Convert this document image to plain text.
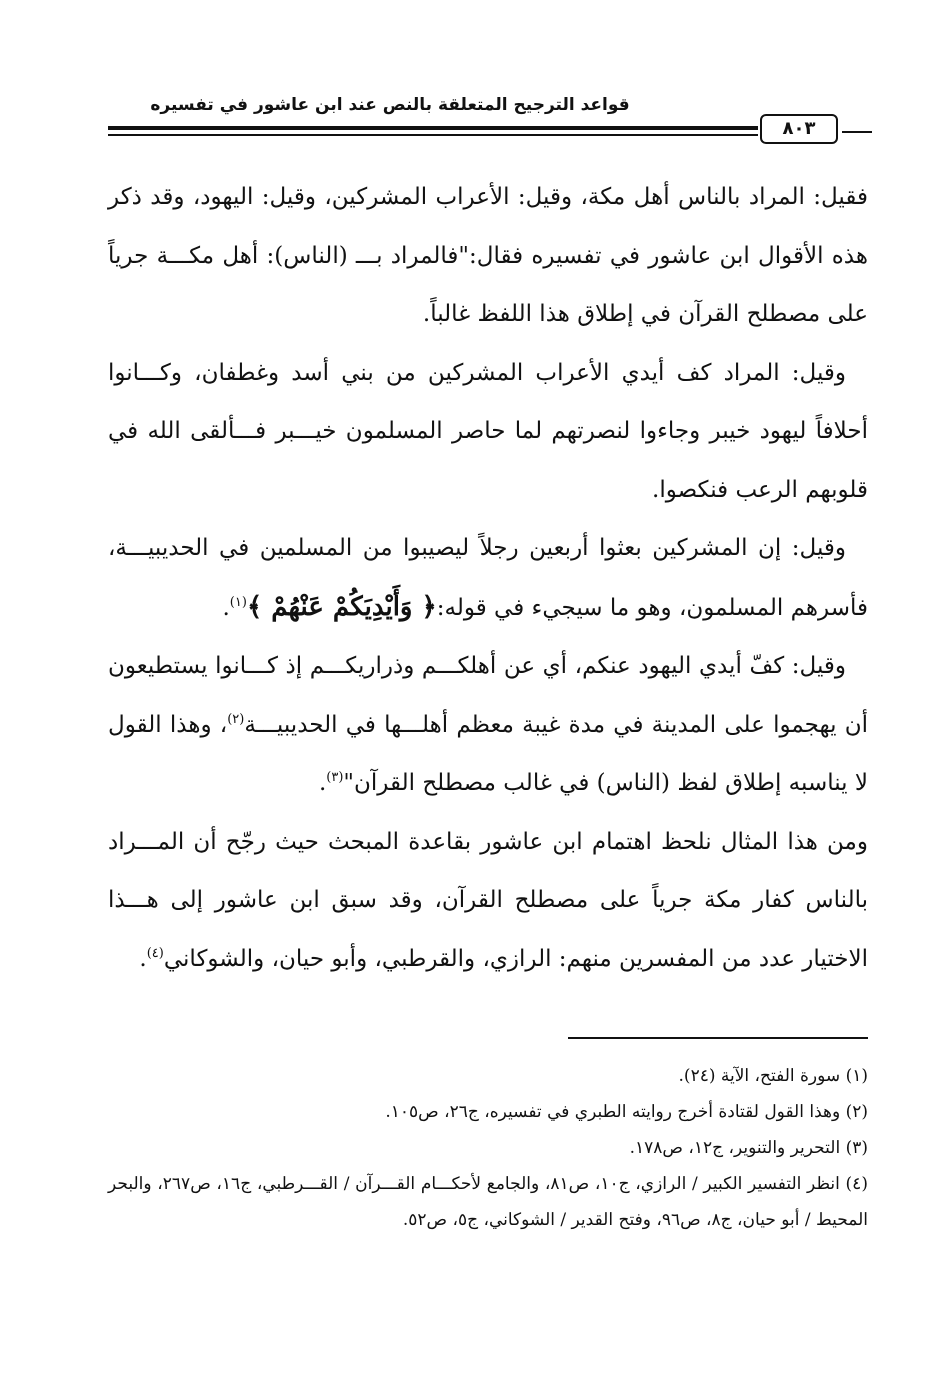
قواعد الترجيح المتعلقة بالنص عند ابن عاشور في تفسيره
٨٠٣

فقيل: المراد بالناس أهل مكة، وقيل: الأعراب المشركين، وقيل: اليهود، وقد ذكر هذه الأقوال ابن عاشور في تفسيره فقال:"فالمراد بـــ (الناس): أهل مكـــة جرياً على مصطلح القرآن في إطلاق هذا اللفظ غالباً.

وقيل: المراد كف أيدي الأعراب المشركين من بني أسد وغطفان، وكـــانوا أحلافاً ليهود خيبر وجاءوا لنصرتهم لما حاصر المسلمون خيـــبر فـــألقى الله في قلوبهم الرعب فنكصوا.

وقيل: إن المشركين بعثوا أربعين رجلاً ليصيبوا من المسلمين في الحديبيـــة، فأسرهم المسلمون، وهو ما سيجيء في قوله:﴿ وَأَيْدِيَكُمْ عَنْهُمْ ﴾$^{(١)}$.

وقيل: كفّ أيدي اليهود عنكم، أي عن أهلكـــم وذراريكـــم إذ كـــانوا يستطيعون أن يهجموا على المدينة في مدة غيبة معظم أهلـــها في الحديبيـــة$^{(٢)}$، وهذا القول لا يناسبه إطلاق لفظ (الناس) في غالب مصطلح القرآن"$^{(٣)}$.

ومن هذا المثال نلحظ اهتمام ابن عاشور بقاعدة المبحث حيث رجّح أن المـــراد بالناس كفار مكة جرياً على مصطلح القرآن، وقد سبق ابن عاشور إلى هـــذا الاختيار عدد من المفسرين منهم: الرازي، والقرطبي، وأبو حيان، والشوكاني$^{(٤)}$.

(١) سورة الفتح، الآية (٢٤).

(٢) وهذا القول لقتادة أخرج روايته الطبري في تفسيره، ج٢٦، ص١٠٥.

(٣) التحرير والتنوير، ج١٢، ص١٧٨.

(٤) انظر التفسير الكبير / الرازي، ج١٠، ص٨١، والجامع لأحكـــام القـــرآن / القـــرطبي، ج١٦، ص٢٦٧، والبحر المحيط / أبو حيان، ج٨، ص٩٦، وفتح القدير / الشوكاني، ج٥، ص٥٢.
